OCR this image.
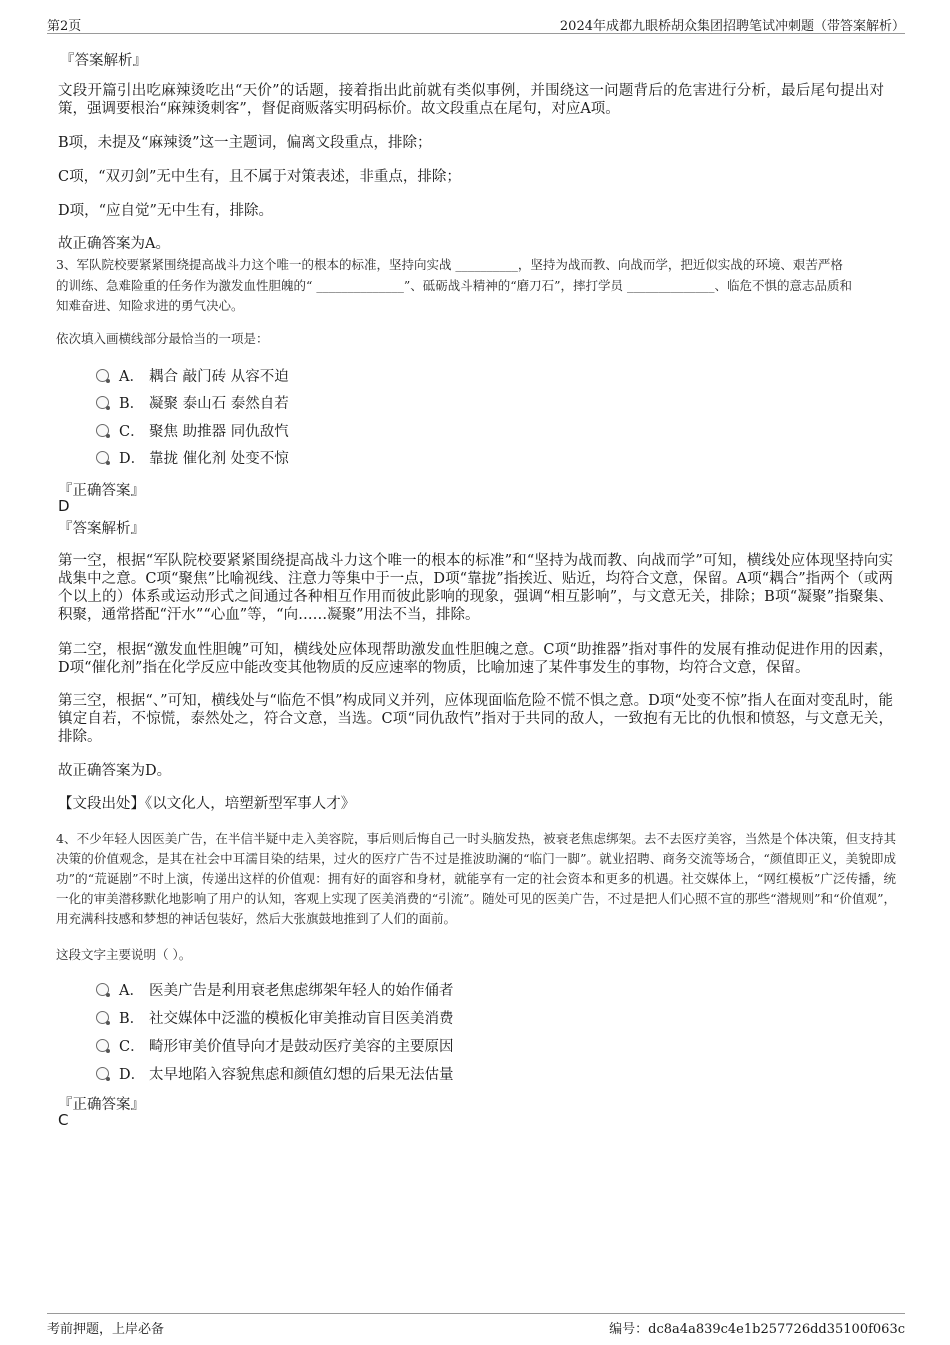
第2页	2024年成都九眼桥胡众集团招聘笔试冲刺题（带答案解析）
『答案解析』
文段开篇引出吃麻辣烫吃出“天价”的话题，接着指出此前就有类似事例，并围绕这一问题背后的危害进行分析，最后尾句提出对策，强调要根治“麻辣烫刺客”，督促商贩落实明码标价。故文段重点在尾句，对应A项。
B项，未提及“麻辣烫”这一主题词，偏离文段重点，排除；
C项，“双刃剑”无中生有，且不属于对策表述，非重点，排除；
D项，“应自觉”无中生有，排除。
故正确答案为A。
3、军队院校要紧紧围绕提高战斗力这个唯一的根本的标准，坚持向实战 __________，坚持为战而教、向战而学，把近似实战的环境、艰苦严格
的训练、急难险重的任务作为激发血性胆魄的“ ______________”、砥砺战斗精神的“磨刀石”，摔打学员 ______________、临危不惧的意志品质和
知难奋进、知险求进的勇气决心。
依次填入画横线部分最恰当的一项是：
A． 耦合 敲门砖 从容不迫
B． 凝聚 泰山石 泰然自若
C． 聚焦 助推器 同仇敌忾
D． 靠拢 催化剂 处变不惊
『正确答案』
D
『答案解析』
第一空，根据“军队院校要紧紧围绕提高战斗力这个唯一的根本的标准”和“坚持为战而教、向战而学”可知，横线处应体现坚持向实战集中之意。C项“聚焦”比喻视线、注意力等集中于一点，D项“靠拢”指挨近、贴近，均符合文意，保留。A项“耦合”指两个（或两个以上的）体系或运动形式之间通过各种相互作用而彼此影响的现象，强调“相互影响”，与文意无关，排除；B项“凝聚”指聚集、积聚，通常搭配“汗水”“心血”等，“向……凝聚”用法不当，排除。
第二空，根据“激发血性胆魄”可知，横线处应体现帮助激发血性胆魄之意。C项“助推器”指对事件的发展有推动促进作用的因素，D项“催化剂”指在化学反应中能改变其他物质的反应速率的物质，比喻加速了某件事发生的事物，均符合文意，保留。
第三空，根据“、”可知，横线处与“临危不惧”构成同义并列，应体现面临危险不慌不惧之意。D项“处变不惊”指人在面对变乱时，能镇定自若，不惊慌，泰然处之，符合文意，当选。C项“同仇敌忾”指对于共同的敌人，一致抱有无比的仇恨和愤怒，与文意无关，排除。
故正确答案为D。
【文段出处】《以文化人，培塑新型军事人才》
4、不少年轻人因医美广告，在半信半疑中走入美容院，事后则后悔自己一时头脑发热，被衰老焦虑绑架。去不去医疗美容，当然是个体决策，但支持其决策的价值观念，是其在社会中耳濡目染的结果，过火的医疗广告不过是推波助澜的“临门一脚”。就业招聘、商务交流等场合，“颜值即正义，美貌即成功”的“荒诞剧”不时上演，传递出这样的价值观：拥有好的面容和身材，就能享有一定的社会资本和更多的机遇。社交媒体上，“网红模板”广泛传播，统一化的审美潜移默化地影响了用户的认知，客观上实现了医美消费的“引流”。随处可见的医美广告，不过是把人们心照不宣的那些“潜规则”和“价值观”，用充满科技感和梦想的神话包装好，然后大张旗鼓地推到了人们的面前。
这段文字主要说明（ ）。
A． 医美广告是利用衰老焦虑绑架年轻人的始作俑者
B． 社交媒体中泛滥的模板化审美推动盲目医美消费
C． 畸形审美价值导向才是鼓动医疗美容的主要原因
D． 太早地陷入容貌焦虑和颜值幻想的后果无法估量
『正确答案』
C
考前押题，上岸必备	编号：dc8a4a839c4e1b257726dd35100f063c
